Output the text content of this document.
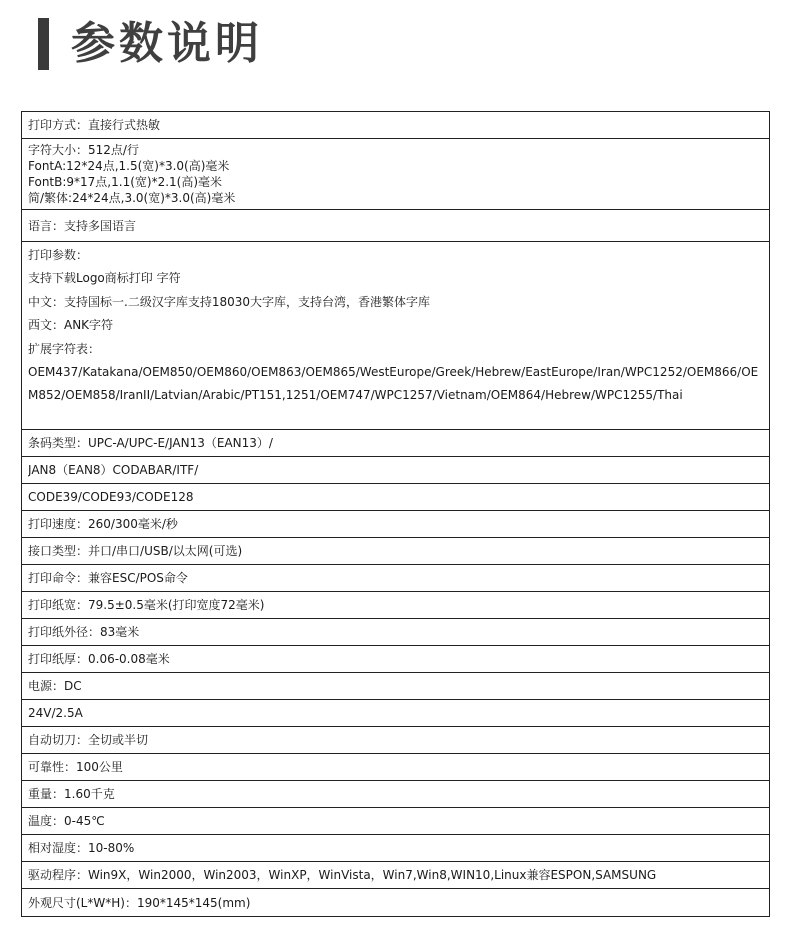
参数说明
打印方式：直接行式热敏
字符大小：512点/行
FontA:12*24点,1.5(宽)*3.0(高)毫米
FontB:9*17点,1.1(宽)*2.1(高)毫米
简/繁体:24*24点,3.0(宽)*3.0(高)毫米
语言：支持多国语言
打印参数：
支持下载Logo商标打印 字符
中文：支持国标一.二级汉字库支持18030大字库，支持台湾，香港繁体字库
西文：ANK字符
扩展字符表：
OEM437/Katakana/OEM850/OEM860/OEM863/OEM865/WestEurope/Greek/Hebrew/EastEurope/Iran/WPC1252/OEM866/OEM852/OEM858/IranII/Latvian/Arabic/PT151,1251/OEM747/WPC1257/Vietnam/OEM864/Hebrew/WPC1255/Thai
条码类型：UPC-A/UPC-E/JAN13（EAN13）/
JAN8（EAN8）CODABAR/ITF/
CODE39/CODE93/CODE128
打印速度：260/300毫米/秒
接口类型：并口/串口/USB/以太网(可选)
打印命令：兼容ESC/POS命令
打印纸宽：79.5±0.5毫米(打印宽度72毫米)
打印纸外径：83毫米
打印纸厚：0.06-0.08毫米
电源：DC
24V/2.5A
自动切刀：全切或半切
可靠性：100公里
重量：1.60千克
温度：0-45℃
相对湿度：10-80%
驱动程序：Win9X，Win2000，Win2003，WinXP，WinVista，Win7,Win8,WIN10,Linux兼容ESPON,SAMSUNG
外观尺寸(L*W*H)：190*145*145(mm)
